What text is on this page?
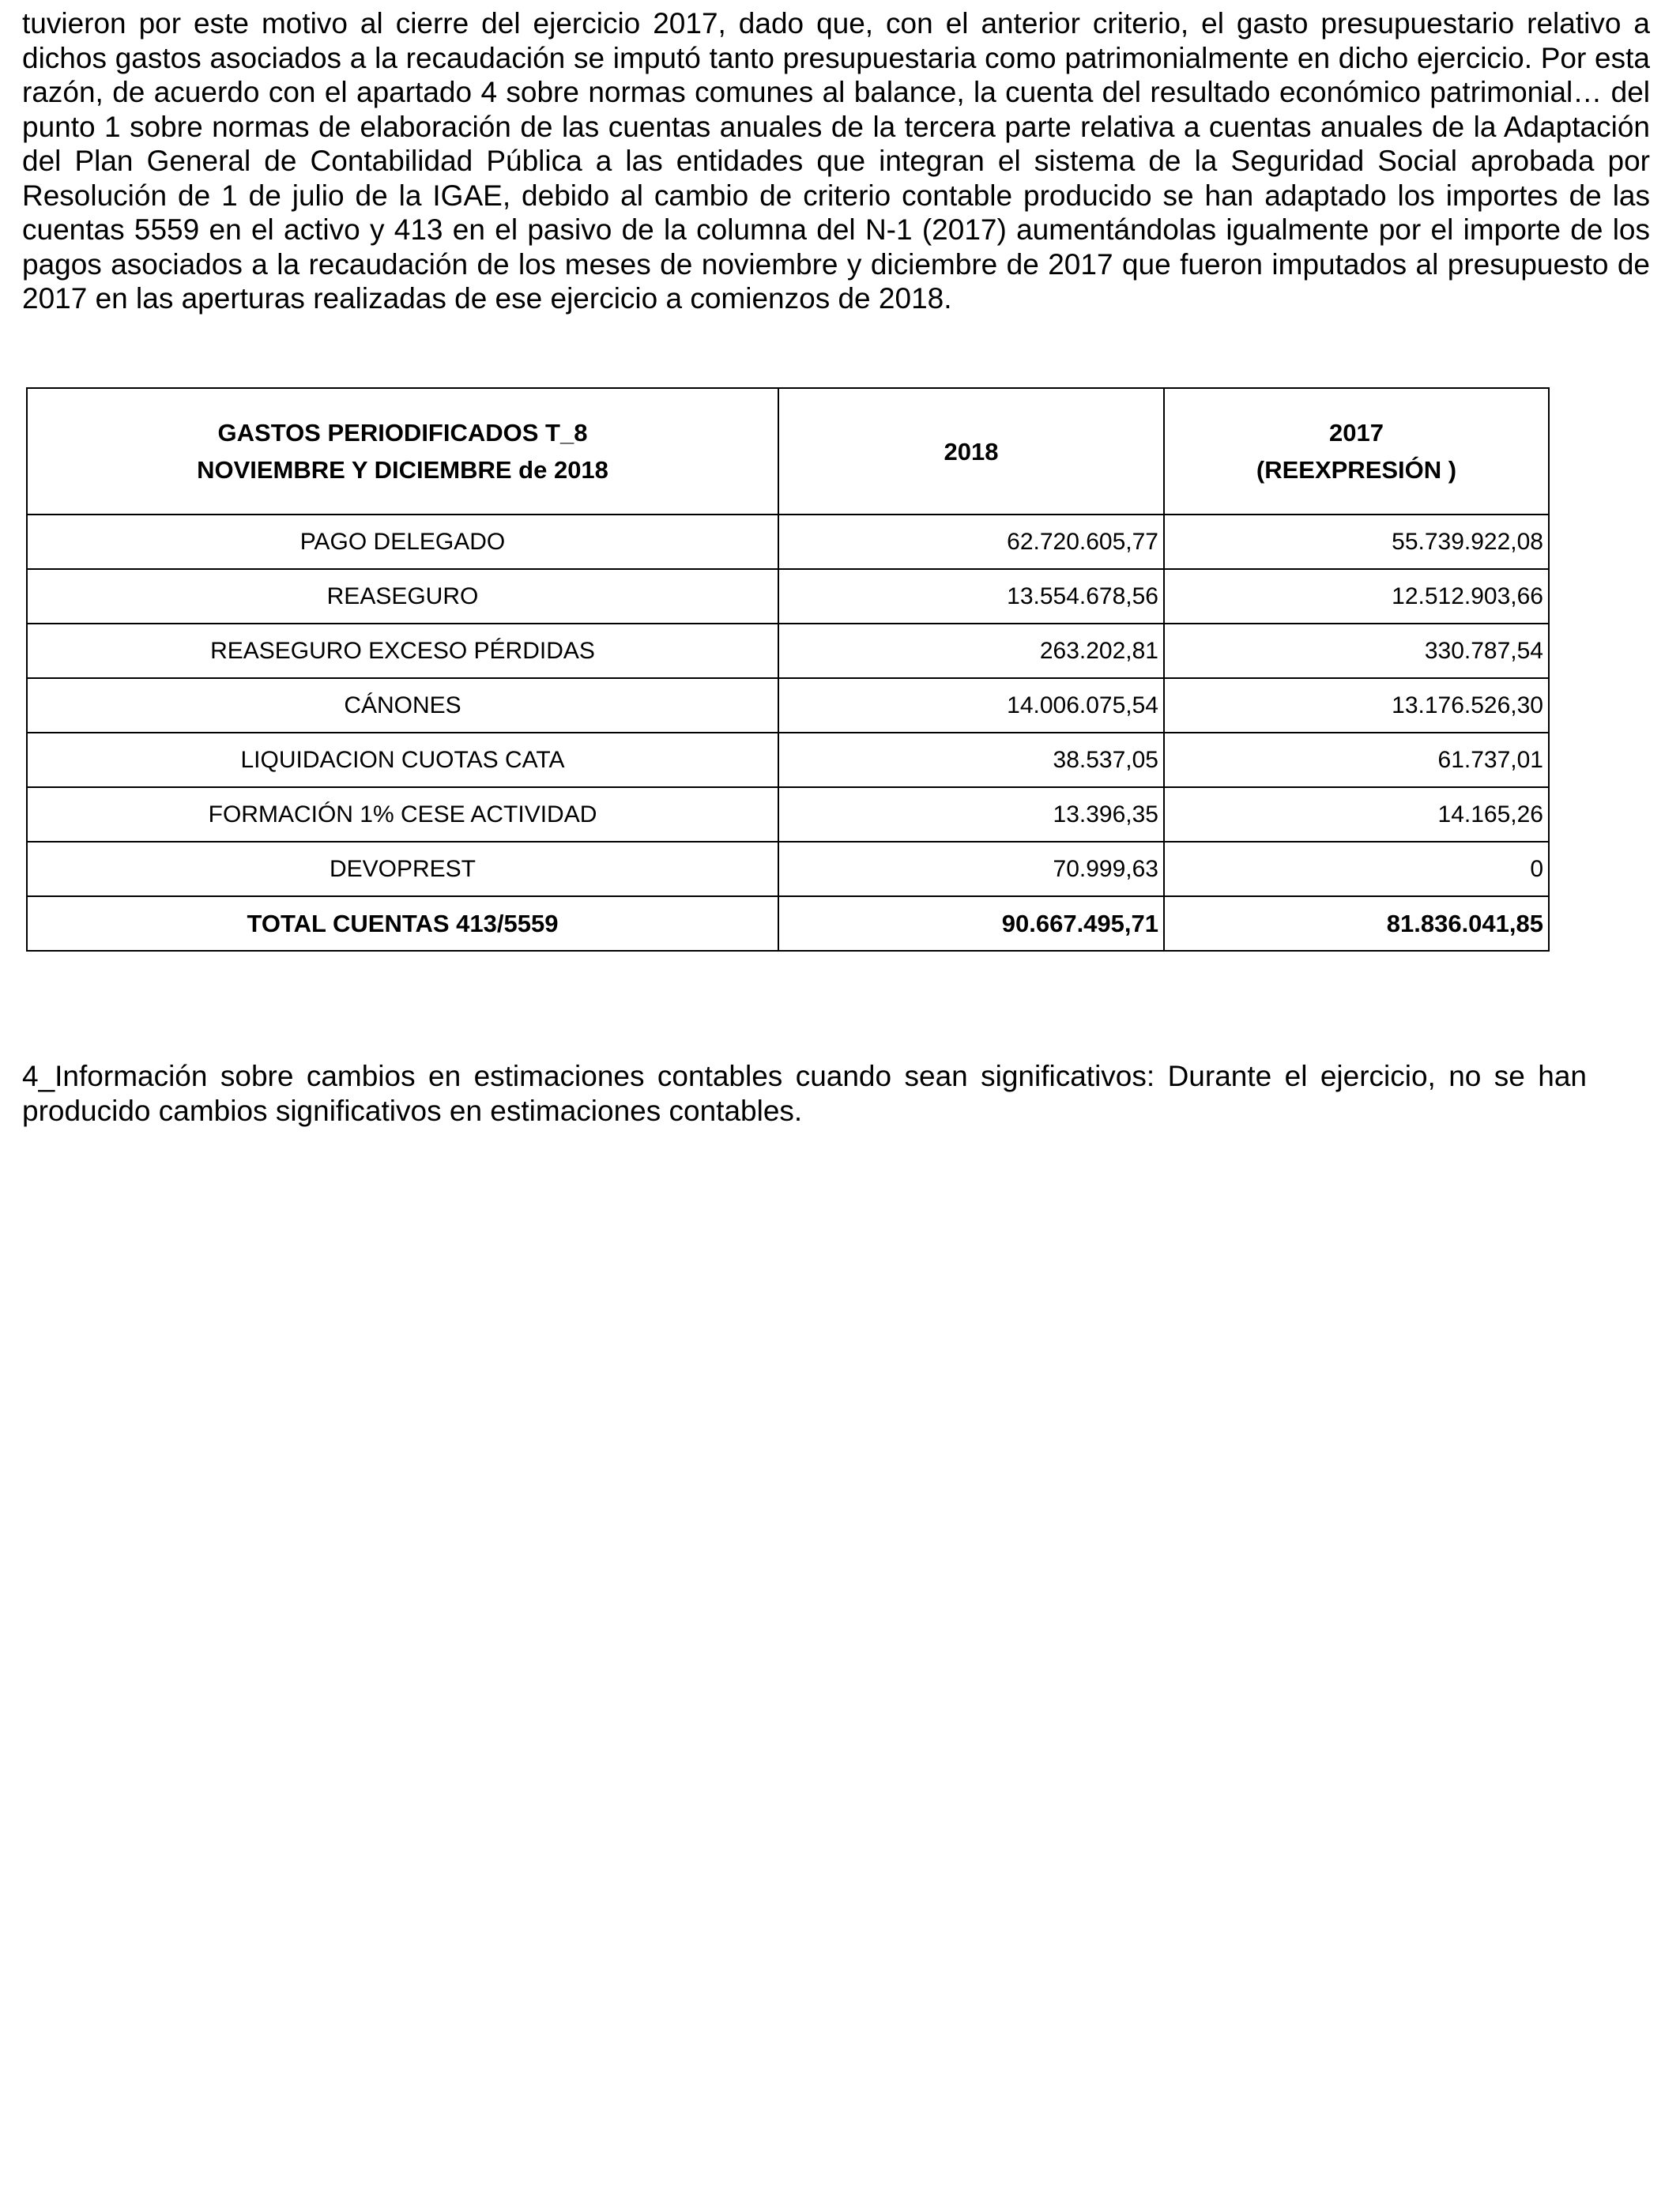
tuvieron por este motivo al cierre del ejercicio 2017, dado que, con el anterior criterio, el gasto presupuestario relativo a dichos gastos asociados a la recaudación se imputó tanto presupuestaria como patrimonialmente en dicho ejercicio. Por esta razón, de acuerdo con el apartado 4 sobre normas comunes al balance, la cuenta del resultado económico patrimonial… del punto 1 sobre normas de elaboración de las cuentas anuales de la tercera parte relativa a cuentas anuales de la Adaptación del Plan General de Contabilidad Pública a las entidades que integran el sistema de la Seguridad Social aprobada por Resolución de 1 de julio de la IGAE, debido al cambio de criterio contable producido se han adaptado los importes de las cuentas 5559 en el activo y 413 en el pasivo de la columna del N-1 (2017) aumentándolas igualmente por el importe de los pagos asociados a la recaudación de los meses de noviembre y diciembre de 2017 que fueron imputados al presupuesto de 2017 en las aperturas realizadas de ese ejercicio a comienzos de 2018.

GASTOS PERIODIFICADOS T_8
NOVIEMBRE Y DICIEMBRE de 2018	2018	2017
(REEXPRESIÓN )

PAGO DELEGADO	62.720.605,77	55.739.922,08
REASEGURO	13.554.678,56	12.512.903,66
REASEGURO EXCESO PÉRDIDAS	263.202,81	330.787,54
CÁNONES	14.006.075,54	13.176.526,30
LIQUIDACION CUOTAS CATA	38.537,05	61.737,01
FORMACIÓN 1% CESE ACTIVIDAD	13.396,35	14.165,26
DEVOPREST	70.999,63	0
TOTAL CUENTAS 413/5559	90.667.495,71	81.836.041,85

4_Información sobre cambios en estimaciones contables cuando sean significativos: Durante el ejercicio, no se han producido cambios significativos en estimaciones contables.
